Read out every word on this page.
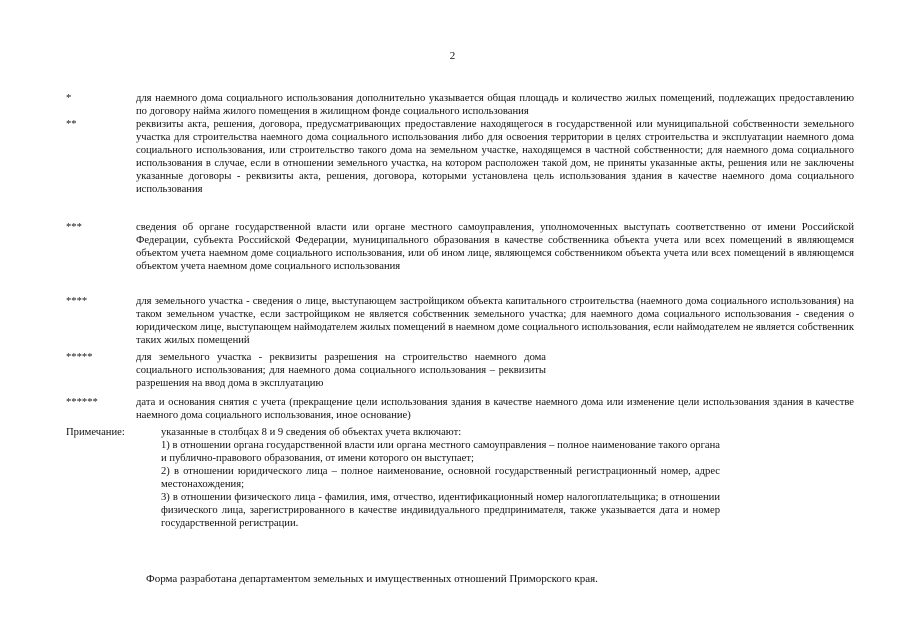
2
*	для наемного дома социального использования дополнительно указывается общая площадь и количество жилых помещений, подлежащих предоставлению по договору найма жилого помещения в жилищном фонде социального использования
**	реквизиты акта, решения, договора, предусматривающих предоставление находящегося в государственной или муниципальной собственности земельного участка для строительства наемного дома социального использования либо для освоения территории в целях строительства и эксплуатации наемного дома социального использования, или строительство такого дома на земельном участке, находящемся в частной собственности; для наемного дома социального использования в случае, если в отношении земельного участка, на котором расположен такой дом, не приняты указанные акты, решения или не заключены указанные договоры - реквизиты акта, решения, договора, которыми установлена цель использования здания в качестве наемного дома социального использования
***	сведения об органе государственной власти или органе местного самоуправления, уполномоченных выступать соответственно от имени Российской Федерации, субъекта Российской Федерации, муниципального образования в качестве собственника объекта учета или всех помещений в являющемся объектом учета наемном доме социального использования, или об ином лице, являющемся собственником объекта учета или всех помещений в являющемся объектом учета наемном доме социального использования
****	для земельного участка - сведения о лице, выступающем застройщиком объекта капитального строительства (наемного дома социального использования) на таком земельном участке, если застройщиком не является собственник земельного участка; для наемного дома социального использования - сведения о юридическом лице, выступающем наймодателем жилых помещений в наемном доме социального использования, если наймодателем не является собственник таких жилых помещений
*****	для земельного участка - реквизиты разрешения на строительство наемного дома социального использования; для наемного дома социального использования – реквизиты разрешения на ввод дома в эксплуатацию
******	дата и основания снятия с учета (прекращение цели использования здания в качестве наемного дома или изменение цели использования здания в качестве наемного дома социального использования, иное основание)
Примечание:	указанные в столбцах 8 и 9 сведения об объектах учета включают:

1) в отношении органа государственной власти или органа местного самоуправления – полное наименование такого органа и публично-правового образования, от имени которого он выступает;

2) в отношении юридического лица – полное наименование, основной государственный регистрационный номер, адрес местонахождения;

3) в отношении физического лица - фамилия, имя, отчество, идентификационный номер налогоплательщика; в отношении физического лица, зарегистрированного в качестве индивидуального предпринимателя, также указывается дата и номер государственной регистрации.

Форма разработана департаментом земельных и имущественных отношений Приморского края.
